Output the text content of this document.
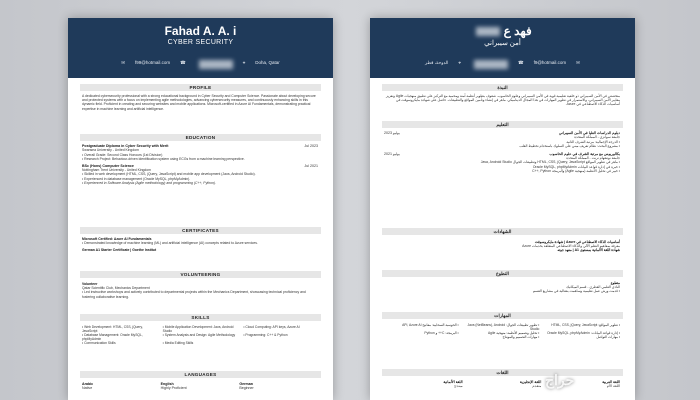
Fahad A. A. i
CYBER SECURITY
✉ f99@hotmail.com ☎	⌖ Doha, Qatar
PROFILE
A dedicated cybersecurity professional with a strong educational background in Cyber Security and Computer Science. Passionate about developing secure and protected systems with a focus on implementing agile methodologies, advancing cybersecurity measures, and continuously enhancing skills in this dynamic field. Proficient in creating and securing websites and mobile applications. Microsoft-certified in Azure AI Fundamentals, demonstrating practical expertise in machine learning and artificial intelligence.
EDUCATION
Postgraduate Diploma in Cyber Security with Merit	Jul 2023
Swansea University - United Kingdom
• Overall Grade: Second Class Honours (1st Division)
• Research Project: Behaviour-driven identification system using ECGs from a machine learning perspective.
BSc (Hons) Computer Science	Jul 2021
Nottingham Trent University - United Kingdom
• Skilled in web development (HTML, CSS, jQuery, JavaScript) and mobile app development (Java, Android Studio).
• Experienced in database management (Oracle MySQL, phpMyAdmin).
• Experienced in Software Analysis (Agile methodology) and programming (C++, Python).
CERTIFICATES
Microsoft Certified: Azure AI Fundamentals
• Demonstrated knowledge of machine learning (ML) and artificial intelligence (AI) concepts related to Azure services.
German A1 Starter Certificate | Goethe Institut
VOLUNTEERING
Volunteer
Qatar Scientific Club, Mechanics Department
• Led instructive workshops and actively contributed to departmental projects within the Mechanics Department, showcasing technical proficiency and fostering collaborative learning.
SKILLS
• Web Development: HTML, CSS, jQuery, JavaScript
• Mobile Application Development: Java, Android Studio
• Cloud Computing: API keys, Azure AI
• Database Management: Oracle MySQL, phpMyAdmin
• System Analysis and Design: Agile Methodology	• Programming: C++ & Python
• Communication Skills	• Media Editing Skills
LANGUAGES
Arabic
Native
English
Highly Proficient
German
Beginner
فهد ع
أمن سيبراني
الدوحة، قطر ⌖	☎ f9@hotmail.com ✉
النبذة
متخصص في الأمن السيبراني ذو خلفية تعليمية قوية في الأمن السيبراني وعلوم الحاسوب. شغوف بتطوير أنظمة آمنة ومحمية مع التركيز على تطبيق منهجيات Agile وتعزيز معايير الأمن السيبراني، والاستمرار في تطوير المهارات في هذا المجال الديناميكي. ماهر في إنشاء وتأمين المواقع والتطبيقات. حاصل على شهادة مايكروسوفت في أساسيات الذكاء الاصطناعي في Azure.
التعليم
دبلوم الدراسات العليا في الأمن السيبراني
يوليو 2023
جامعة سوانزي - المملكة المتحدة
• الدرجة الإجمالية: مرتبة الشرف الثانية
• مشروع البحث: نظام تعريف مبني على السلوك باستخدام تخطيط القلب
بكالوريوس مع مرتبة الشرف في علوم الحاسوب
يوليو 2021
جامعة نوتنغهام ترنت - المملكة المتحدة
• ماهر في تطوير المواقع HTML, CSS, jQuery, JavaScript وتطبيقات الجوال Java, Android Studio
• خبرة في إدارة قواعد البيانات Oracle MySQL, phpMyAdmin
• خبير في تحليل الأنظمة (منهجية Agile) والبرمجة C++, Python
الشهادات
أساسيات الذكاء الاصطناعي في Azure | شهادة مايكروسوفت
معرفة بمفاهيم التعلم الآلي والذكاء الاصطناعي المتعلقة بخدمات Azure
شهادة اللغة الألمانية بمستوى A1 | معهد جوته
التطوع
متطوع
النادي العلمي القطري - قسم الميكانيك
• قدمت ورش عمل تعليمية وساهمت بفعالية في مشاريع القسم
المهارات
• تطوير المواقع: HTML, CSS, jQuery, JavaScript
• تطوير تطبيقات الجوال: Java (NetBeans), Android Studio
• الحوسبة السحابية: مفاتيح API, Azure AI
• إدارة قواعد البيانات: Oracle MySQL, phpMyAdmin
• تحليل وتصميم الأنظمة: منهجية Agile
• البرمجة: C++ و Python
• مهارات التواصل
• مهارات التصميم والمونتاج
اللغات
اللغة العربية
اللغة الأم
اللغة الإنجليزية
متقدم
اللغة الألمانية
مبتدئ	حراج
